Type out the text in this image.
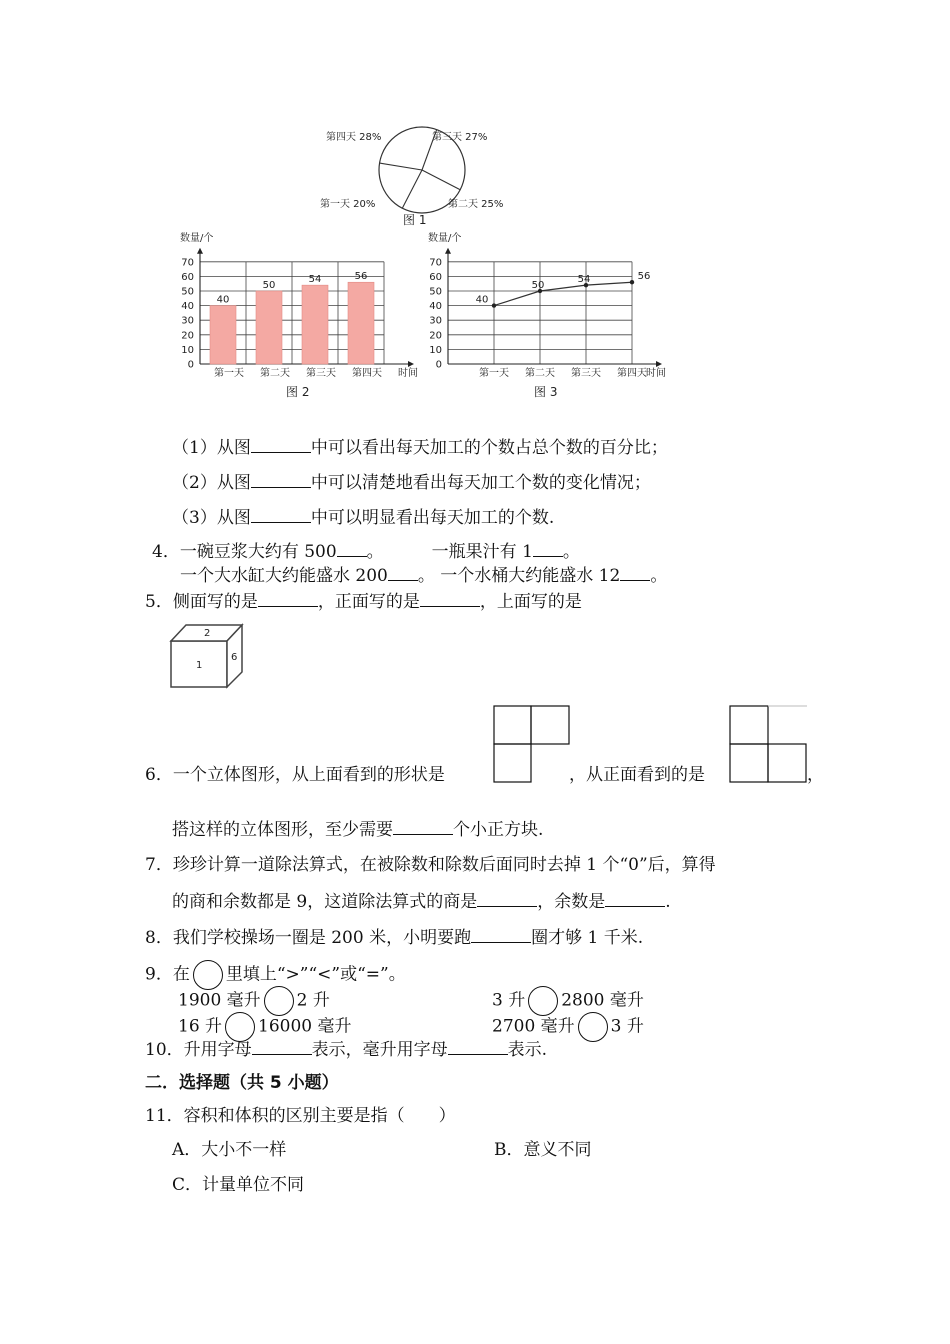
第四天 28%	第三天 27%
第一天 20%	第二天 25%
图 1
数量/个
0
10
20
30
40
50
60
70
时间
图 2
40
第一天
50
第二天
54
第三天
56
第四天
数量/个
0
10
20
30
40
50
60
70
时间
图 3
40
第一天
50
第二天
54
第三天
56
第四天
（1）从图	中可以看出每天加工的个数占总个数的百分比；
（2）从图	中可以清楚地看出每天加工个数的变化情况；
（3）从图	中可以明显看出每天加工的个数.
4．一碗豆浆大约有 500 。	一瓶果汁有 1 。
一个大水缸大约能盛水 200 。 一个水桶大约能盛水 12 。
5．侧面写的是	，正面写的是	，上面写的是
1
2
6
6．一个立体图形，从上面看到的形状是	，从正面看到的是	，
搭这样的立体图形，至少需要	个小正方块.
7．珍珍计算一道除法算式，在被除数和除数后面同时去掉 1 个“0”后，算得
的商和余数都是 9，这道除法算式的商是	，余数是	.
8．我们学校操场一圈是 200 米，小明要跑	圈才够 1 千米.
9．在 里填上“>”“<”或“=”。
1900 毫升 2 升	3 升 2800 毫升
16 升 16000 毫升	2700 毫升 3 升
10．升用字母	表示，毫升用字母	表示.
二．选择题（共 5 小题）
11．容积和体积的区别主要是指（　　）
A．大小不一样	B．意义不同
C．计量单位不同
